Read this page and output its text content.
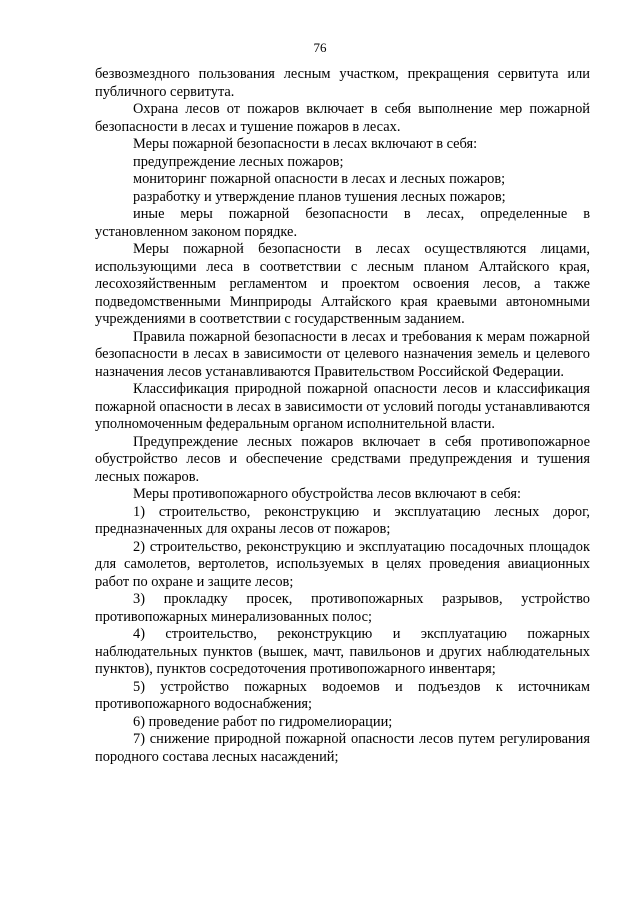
76

безвозмездного пользования лесным участком, прекращения сервитута или публичного сервитута.

Охрана лесов от пожаров включает в себя выполнение мер пожарной безопасности в лесах и тушение пожаров в лесах.

Меры пожарной безопасности в лесах включают в себя:

предупреждение лесных пожаров;

мониторинг пожарной опасности в лесах и лесных пожаров;

разработку и утверждение планов тушения лесных пожаров;

иные меры пожарной безопасности в лесах, определенные в установленном законом порядке.

Меры пожарной безопасности в лесах осуществляются лицами, использующими леса в соответствии с лесным планом Алтайского края, лесохозяйственным регламентом и проектом освоения лесов, а также подведомственными Минприроды Алтайского края краевыми автономными учреждениями в соответствии с государственным заданием.

Правила пожарной безопасности в лесах и требования к мерам пожарной безопасности в лесах в зависимости от целевого назначения земель и целевого назначения лесов устанавливаются Правительством Российской Федерации.

Классификация природной пожарной опасности лесов и классификация пожарной опасности в лесах в зависимости от условий погоды устанавливаются уполномоченным федеральным органом исполнительной власти.

Предупреждение лесных пожаров включает в себя противопожарное обустройство лесов и обеспечение средствами предупреждения и тушения лесных пожаров.

Меры противопожарного обустройства лесов включают в себя:

1) строительство, реконструкцию и эксплуатацию лесных дорог, предназначенных для охраны лесов от пожаров;

2) строительство, реконструкцию и эксплуатацию посадочных площадок для самолетов, вертолетов, используемых в целях проведения авиационных работ по охране и защите лесов;

3) прокладку просек, противопожарных разрывов, устройство противопожарных минерализованных полос;

4) строительство, реконструкцию и эксплуатацию пожарных наблюдательных пунктов (вышек, мачт, павильонов и других наблюдательных пунктов), пунктов сосредоточения противопожарного инвентаря;

5) устройство пожарных водоемов и подъездов к источникам противопожарного водоснабжения;

6) проведение работ по гидромелиорации;

7) снижение природной пожарной опасности лесов путем регулирования породного состава лесных насаждений;
